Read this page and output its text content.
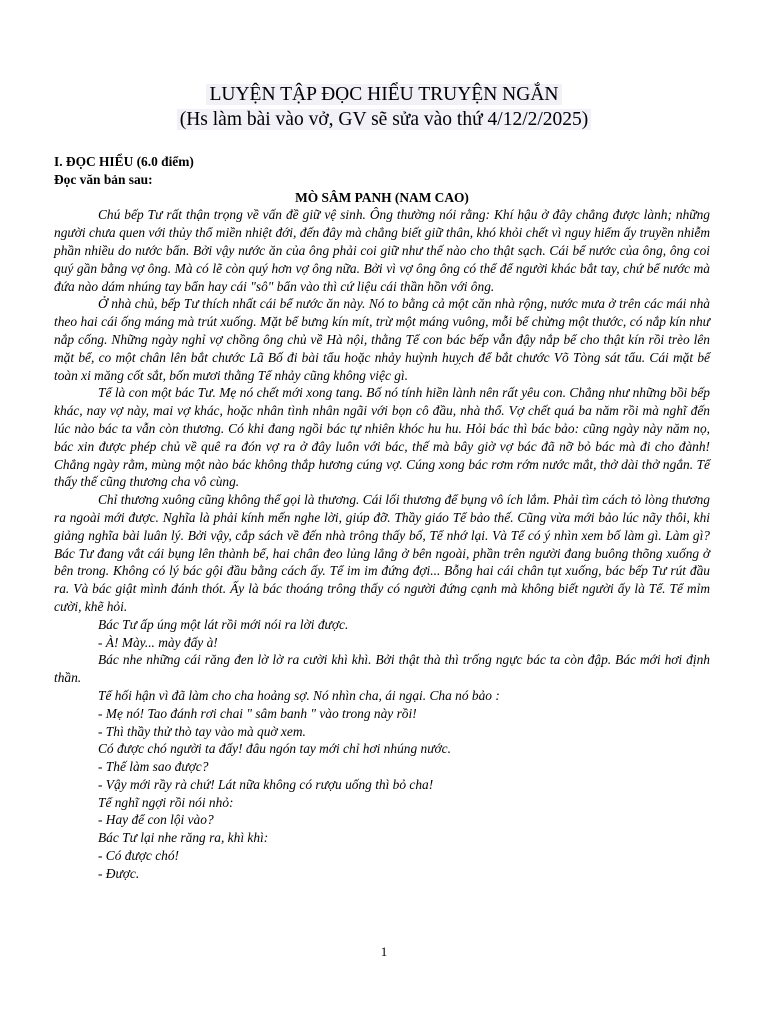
LUYỆN TẬP ĐỌC HIỂU TRUYỆN NGẮN
(Hs làm bài vào vở, GV sẽ sửa vào thứ 4/12/2/2025)

I. ĐỌC HIỂU (6.0 điểm)

Đọc văn bản sau:

MÒ SÂM PANH (NAM CAO)

Chú bếp Tư rất thận trọng về vấn đề giữ vệ sinh. Ông thường nói rằng: Khí hậu ở đây chẳng được lành; những người chưa quen với thủy thổ miền nhiệt đới, đến đây mà chẳng biết giữ thân, khó khỏi chết vì nguy hiểm ấy truyền nhiễm phần nhiều do nước bẩn. Bởi vậy nước ăn của ông phải coi giữ như thế nào cho thật sạch. Cái bể nước của ông, ông coi quý gần bằng vợ ông. Mà có lẽ còn quý hơn vợ ông nữa. Bởi vì vợ ông ông có thể để người khác bắt tay, chứ bể nước mà đứa nào dám nhúng tay bẩn hay cái "sô" bẩn vào thì cứ liệu cái thần hồn với ông.

Ở nhà chủ, bếp Tư thích nhất cái bể nước ăn này. Nó to bằng cả một căn nhà rộng, nước mưa ở trên các mái nhà theo hai cái ống máng mà trút xuống. Mặt bể bưng kín mít, trừ một máng vuông, mỗi bể chừng một thước, có nắp kín như nắp cống. Những ngày nghỉ vợ chồng ông chủ về Hà nội, thằng Tể con bác bếp vẫn đậy nắp bể cho thật kín rồi trèo lên mặt bể, co một chân lên bắt chước Lã Bố đi bài tẩu hoặc nhảy huỳnh huỵch để bắt chước Võ Tòng sát tẩu. Cái mặt bể toàn xi măng cốt sắt, bốn mươi thằng Tể nhảy cũng không việc gì.

Tể là con một bác Tư. Mẹ nó chết mới xong tang. Bố nó tính hiền lành nên rất yêu con. Chẳng như những bồi bếp khác, nay vợ này, mai vợ khác, hoặc nhân tình nhân ngãi với bọn cô đầu, nhà thổ. Vợ chết quá ba năm rồi mà nghĩ đến lúc nào bác ta vẫn còn thương. Có khi đang ngồi bác tự nhiên khóc hu hu. Hỏi bác thì bác bảo: cũng ngày này năm nọ, bác xin được phép chủ về quê ra đón vợ ra ở đây luôn với bác, thế mà bây giờ vợ bác đã nỡ bỏ bác mà đi cho đành! Chẳng ngày rằm, mùng một nào bác không thắp hương cúng vợ. Cúng xong bác rơm rớm nước mắt, thở dài thở ngắn. Tể thấy thế cũng thương cha vô cùng.

Chỉ thương xuông cũng không thể gọi là thương. Cái lối thương để bụng vô ích lắm. Phải tìm cách tỏ lòng thương ra ngoài mới được. Nghĩa là phải kính mến nghe lời, giúp đỡ. Thầy giáo Tể bảo thế. Cũng vừa mới bảo lúc nãy thôi, khi giảng nghĩa bài luân lý. Bởi vậy, cắp sách về đến nhà trông thấy bố, Tể nhớ lại. Và Tể có ý nhìn xem bố làm gì. Làm gì? Bác Tư đang vắt cái bụng lên thành bể, hai chân đeo lủng lẳng ở bên ngoài, phần trên người đang buông thõng xuống ở bên trong. Không có lý bác gội đầu bằng cách ấy. Tể im im đứng đợi... Bỗng hai cái chân tụt xuống, bác bếp Tư rút đầu ra. Và bác giật mình đánh thót. Ấy là bác thoáng trông thấy có người đứng cạnh mà không biết người ấy là Tể. Tể mỉm cười, khẽ hỏi.

Bác Tư ấp úng một lát rồi mới nói ra lời được.

- À! Mày... mày đấy à!

Bác nhe những cái răng đen lờ lờ ra cười khì khì. Bởi thật thà thì trống ngực bác ta còn đập. Bác mới hơi định thần.

Tể hối hận vì đã làm cho cha hoảng sợ. Nó nhìn cha, ái ngại. Cha nó bảo :

- Mẹ nó! Tao đánh rơi chai " sâm banh " vào trong này rồi!

- Thì thầy thử thò tay vào mà quờ xem.

Có được chó người ta đấy! đâu ngón tay mới chỉ hơi nhúng nước.

- Thế làm sao được?

- Vậy mới rầy rà chứ! Lát nữa không có rượu uống thì bỏ cha!

Tể nghĩ ngợi rồi nói nhỏ:

- Hay để con lội vào?

Bác Tư lại nhe răng ra, khì khì:

- Có được chó!

- Được.

1
